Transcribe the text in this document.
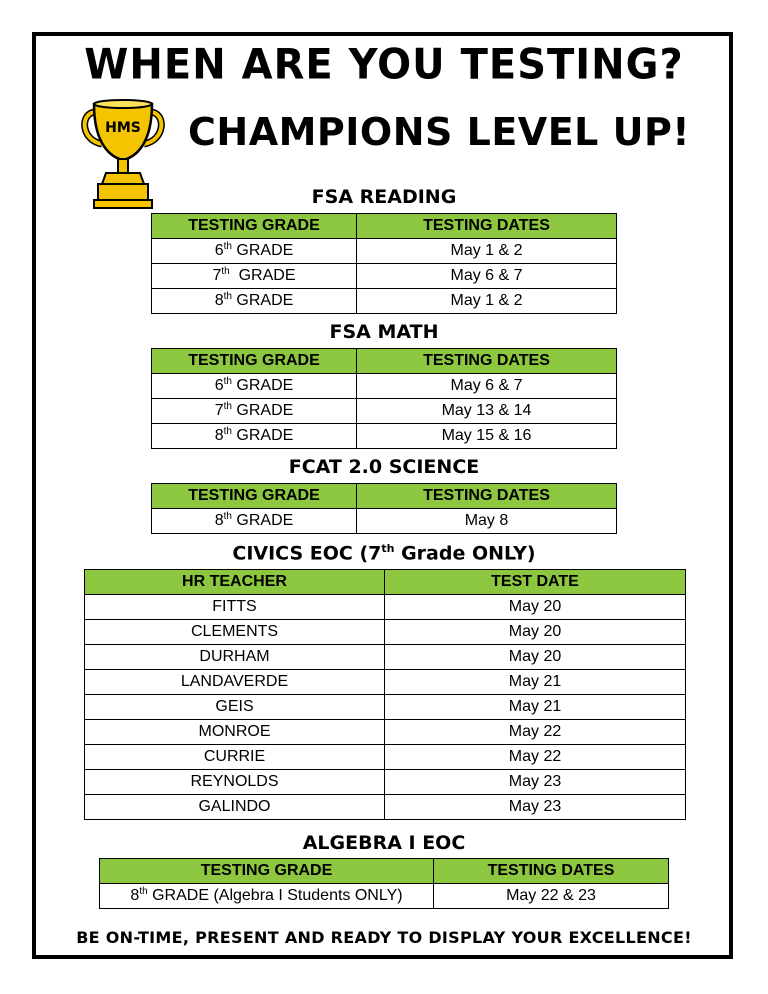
WHEN ARE YOU TESTING?
HMS CHAMPIONS LEVEL UP!
FSA READING
TESTING GRADE	TESTING DATES
6th GRADE	May 1 & 2
7th  GRADE	May 6 & 7
8th GRADE	May 1 & 2
FSA MATH
TESTING GRADE	TESTING DATES
6th GRADE	May 6 & 7
7th GRADE	May 13 & 14
8th GRADE	May 15 & 16
FCAT 2.0 SCIENCE
TESTING GRADE	TESTING DATES
8th GRADE	May 8
CIVICS EOC (7th Grade ONLY)
HR TEACHER	TEST DATE
FITTS	May 20
CLEMENTS	May 20
DURHAM	May 20
LANDAVERDE	May 21
GEIS	May 21
MONROE	May 22
CURRIE	May 22
REYNOLDS	May 23
GALINDO	May 23
ALGEBRA I EOC
TESTING GRADE	TESTING DATES
8th GRADE (Algebra I Students ONLY)	May 22 & 23
BE ON-TIME, PRESENT AND READY TO DISPLAY YOUR EXCELLENCE!
